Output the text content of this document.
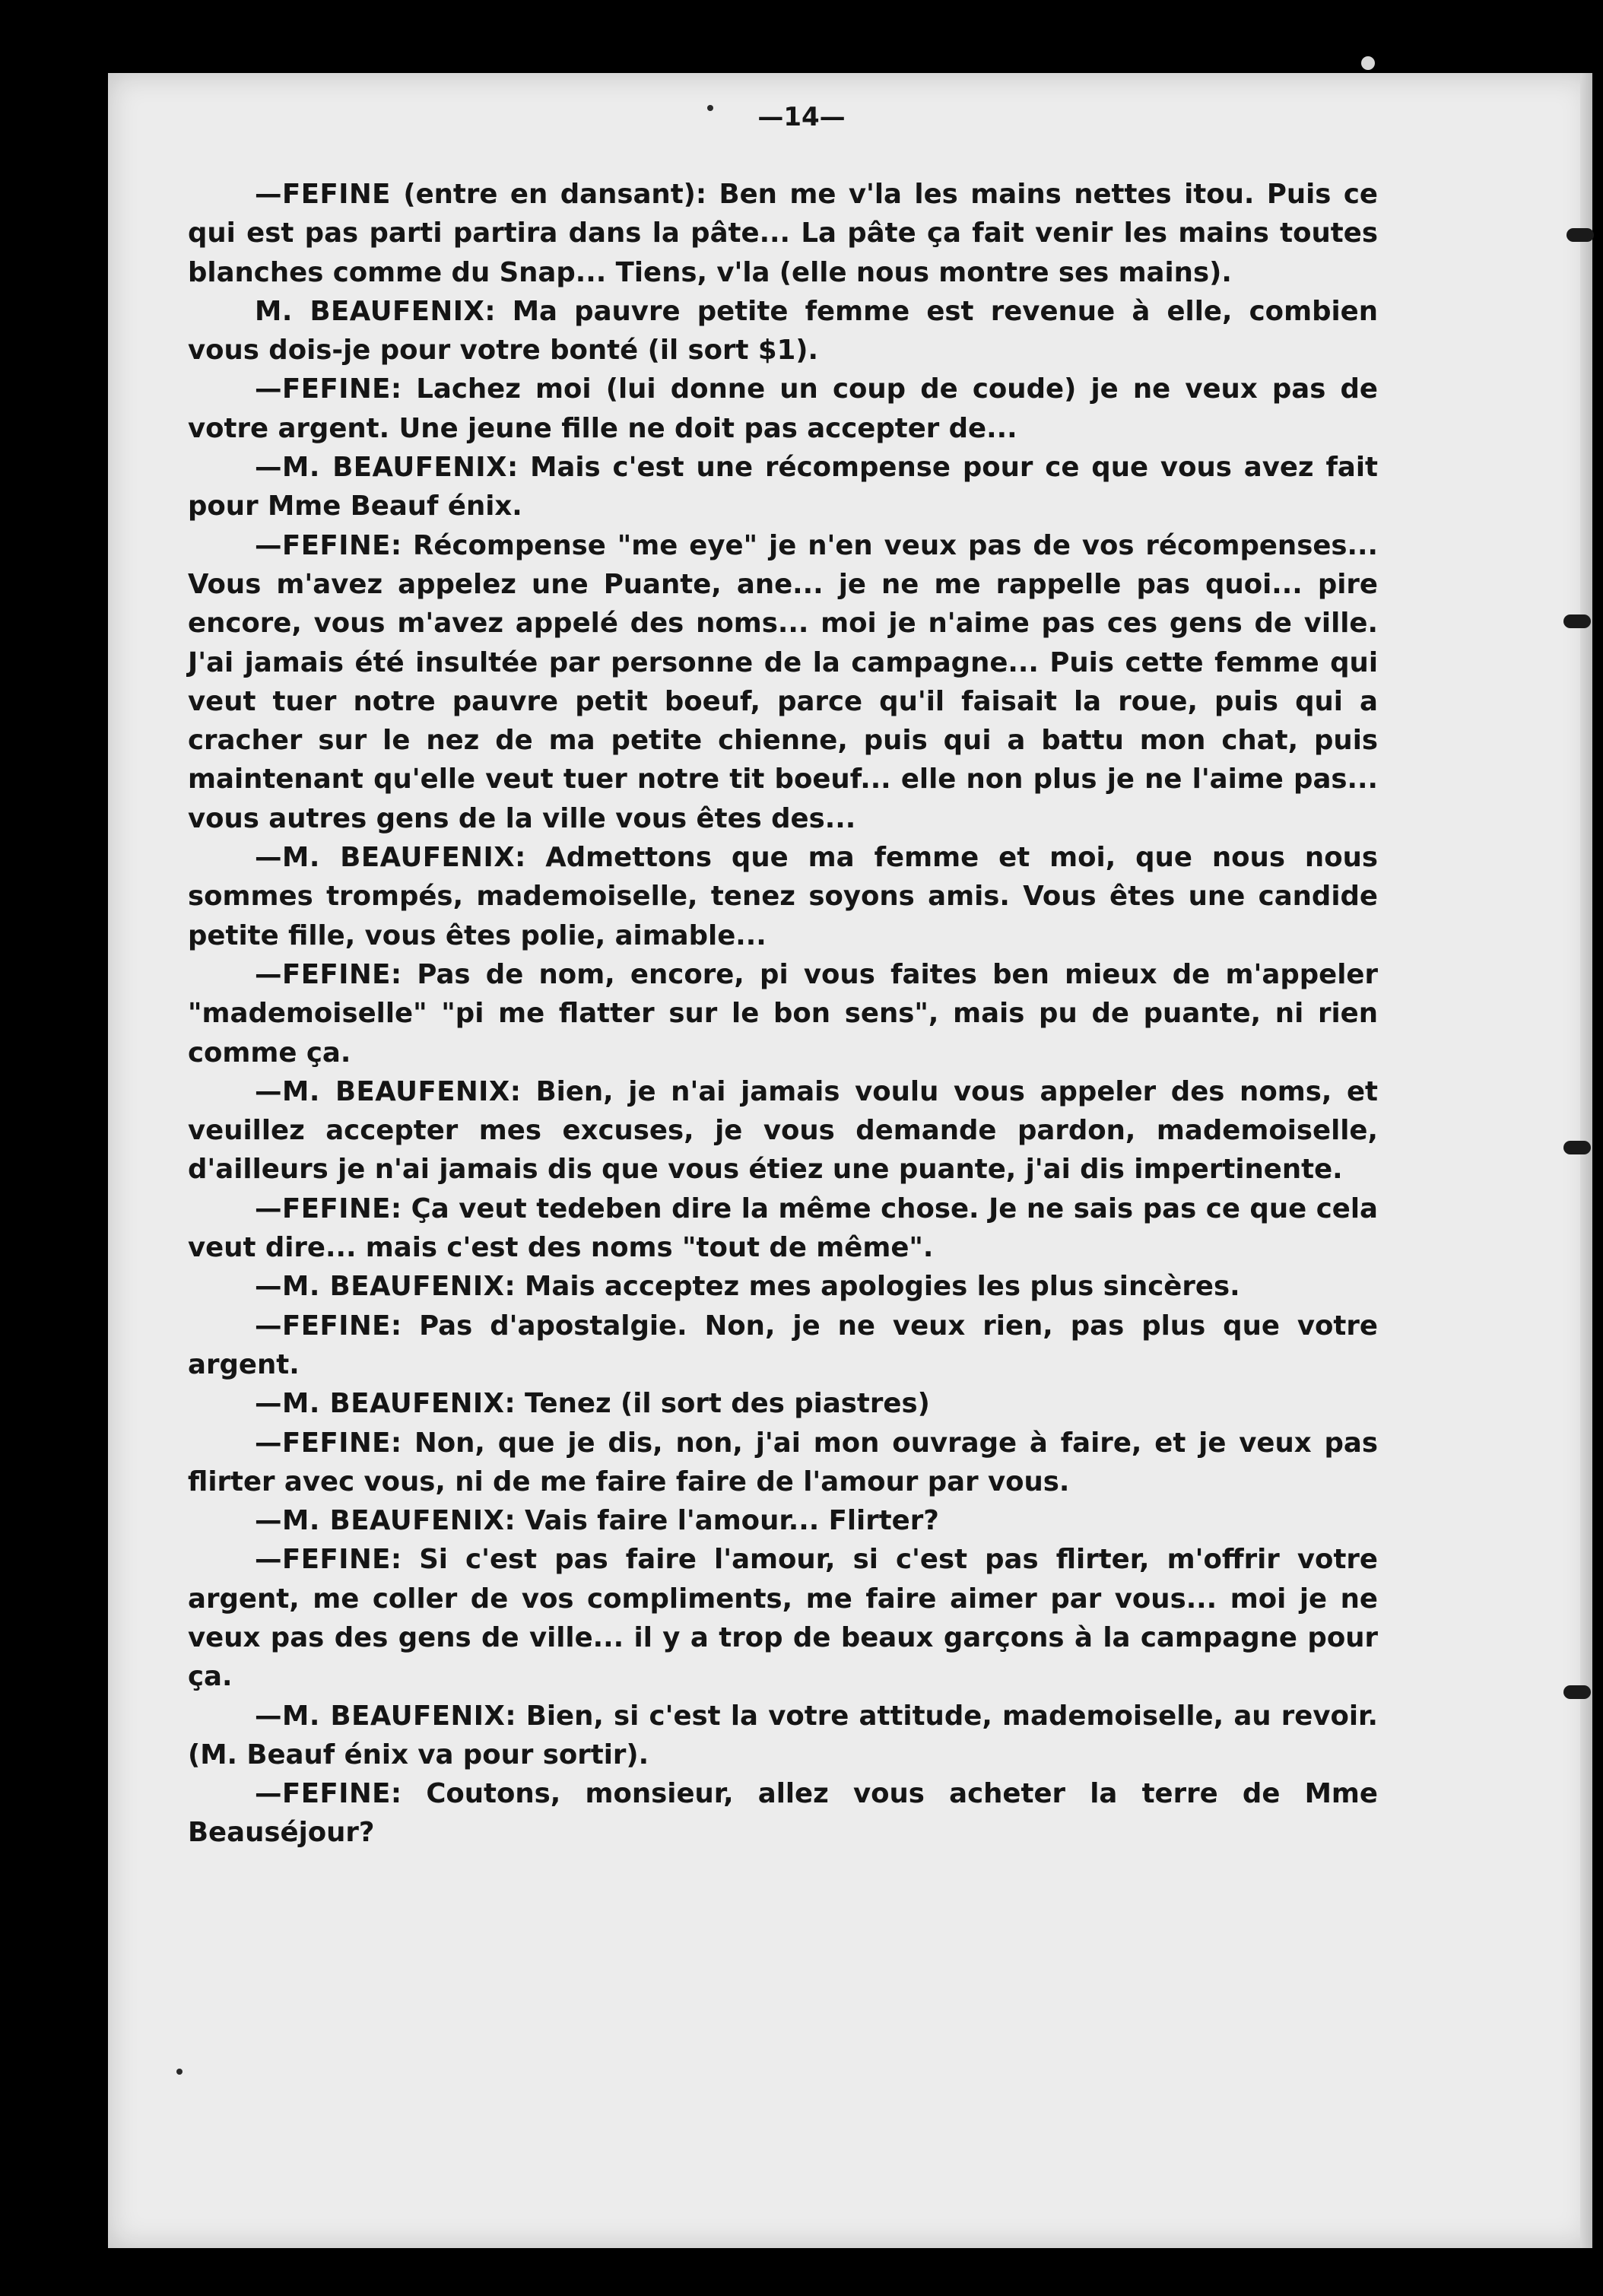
—14—

—FEFINE (entre en dansant): Ben me v'la les mains nettes itou. Puis ce qui est pas parti partira dans la pâte... La pâte ça fait venir les mains toutes blanches comme du Snap... Tiens, v'la (elle nous montre ses mains).

M. BEAUFENIX: Ma pauvre petite femme est revenue à elle, combien vous dois-je pour votre bonté (il sort $1).

—FEFINE: Lachez moi (lui donne un coup de coude) je ne veux pas de votre argent. Une jeune fille ne doit pas accepter de...

—M. BEAUFENIX: Mais c'est une récompense pour ce que vous avez fait pour Mme Beauf énix.

—FEFINE: Récompense "me eye" je n'en veux pas de vos récompenses... Vous m'avez appelez une Puante, ane... je ne me rappelle pas quoi... pire encore, vous m'avez appelé des noms... moi je n'aime pas ces gens de ville. J'ai jamais été insultée par personne de la campagne... Puis cette femme qui veut tuer notre pauvre petit boeuf, parce qu'il faisait la roue, puis qui a cracher sur le nez de ma petite chienne, puis qui a battu mon chat, puis maintenant qu'elle veut tuer notre tit boeuf... elle non plus je ne l'aime pas... vous autres gens de la ville vous êtes des...

—M. BEAUFENIX: Admettons que ma femme et moi, que nous nous sommes trompés, mademoiselle, tenez soyons amis. Vous êtes une candide petite fille, vous êtes polie, aimable...

—FEFINE: Pas de nom, encore, pi vous faites ben mieux de m'appeler "mademoiselle" "pi me flatter sur le bon sens", mais pu de puante, ni rien comme ça.

—M. BEAUFENIX: Bien, je n'ai jamais voulu vous appeler des noms, et veuillez accepter mes excuses, je vous demande pardon, mademoiselle, d'ailleurs je n'ai jamais dis que vous étiez une puante, j'ai dis impertinente.

—FEFINE: Ça veut tedeben dire la même chose. Je ne sais pas ce que cela veut dire... mais c'est des noms "tout de même".

—M. BEAUFENIX: Mais acceptez mes apologies les plus sincères.

—FEFINE: Pas d'apostalgie. Non, je ne veux rien, pas plus que votre argent.

—M. BEAUFENIX: Tenez (il sort des piastres)

—FEFINE: Non, que je dis, non, j'ai mon ouvrage à faire, et je veux pas flirter avec vous, ni de me faire faire de l'amour par vous.

—M. BEAUFENIX: Vais faire l'amour... Flirter?

—FEFINE: Si c'est pas faire l'amour, si c'est pas flirter, m'offrir votre argent, me coller de vos compliments, me faire aimer par vous... moi je ne veux pas des gens de ville... il y a trop de beaux garçons à la campagne pour ça.

—M. BEAUFENIX: Bien, si c'est la votre attitude, mademoiselle, au revoir. (M. Beauf énix va pour sortir).

—FEFINE: Coutons, monsieur, allez vous acheter la terre de Mme Beauséjour?
